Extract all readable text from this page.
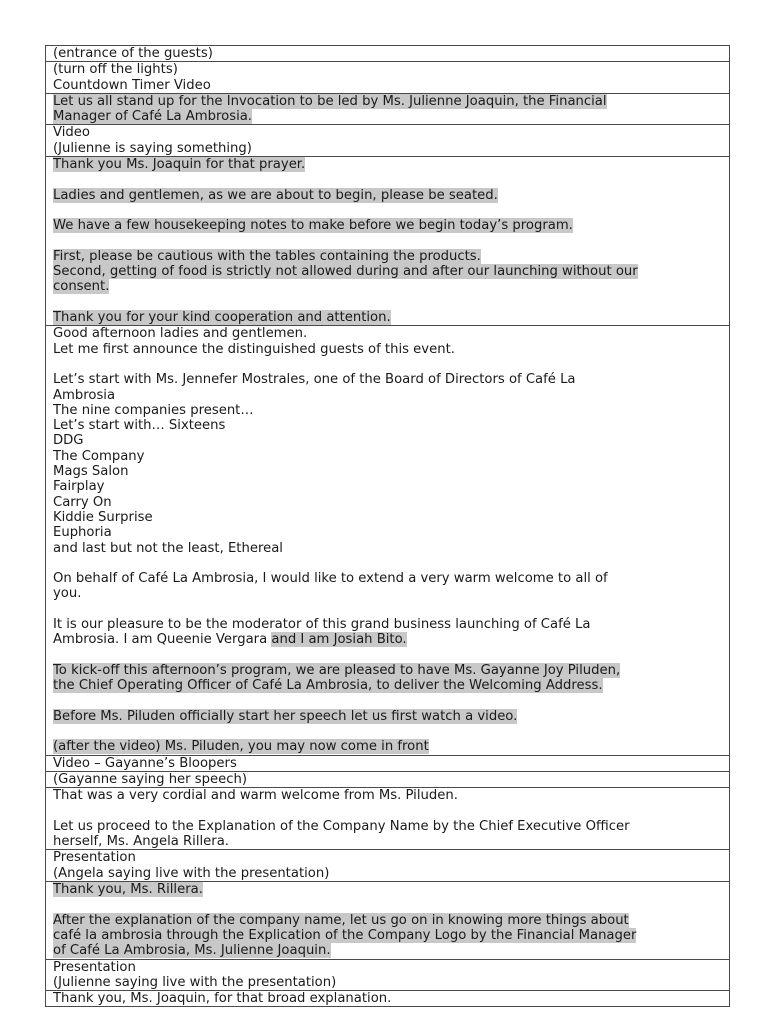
(entrance of the guests)

(turn off the lights)
Countdown Timer Video

Let us all stand up for the Invocation to be led by Ms. Julienne Joaquin, the Financial
Manager of Café La Ambrosia.

Video
(Julienne is saying something)

Thank you Ms. Joaquin for that prayer.
Ladies and gentlemen, as we are about to begin, please be seated.
We have a few housekeeping notes to make before we begin today’s program.
First, please be cautious with the tables containing the products.
Second, getting of food is strictly not allowed during and after our launching without our
consent.
Thank you for your kind cooperation and attention.

Good afternoon ladies and gentlemen.
Let me first announce the distinguished guests of this event.
Let’s start with Ms. Jennefer Mostrales, one of the Board of Directors of Café La
Ambrosia
The nine companies present…
Let’s start with… Sixteens
DDG
The Company
Mags Salon
Fairplay
Carry On
Kiddie Surprise
Euphoria
and last but not the least, Ethereal
On behalf of Café La Ambrosia, I would like to extend a very warm welcome to all of
you.
It is our pleasure to be the moderator of this grand business launching of Café La
Ambrosia. I am Queenie Vergara and I am Josiah Bito.
To kick-off this afternoon’s program, we are pleased to have Ms. Gayanne Joy Piluden,
the Chief Operating Officer of Café La Ambrosia, to deliver the Welcoming Address.
Before Ms. Piluden officially start her speech let us first watch a video.
(after the video) Ms. Piluden, you may now come in front

Video – Gayanne’s Bloopers

(Gayanne saying her speech)

That was a very cordial and warm welcome from Ms. Piluden.
Let us proceed to the Explanation of the Company Name by the Chief Executive Officer
herself, Ms. Angela Rillera.

Presentation
(Angela saying live with the presentation)

Thank you, Ms. Rillera.
After the explanation of the company name, let us go on in knowing more things about
café la ambrosia through the Explication of the Company Logo by the Financial Manager
of Café La Ambrosia, Ms. Julienne Joaquin.

Presentation
(Julienne saying live with the presentation)

Thank you, Ms. Joaquin, for that broad explanation.
